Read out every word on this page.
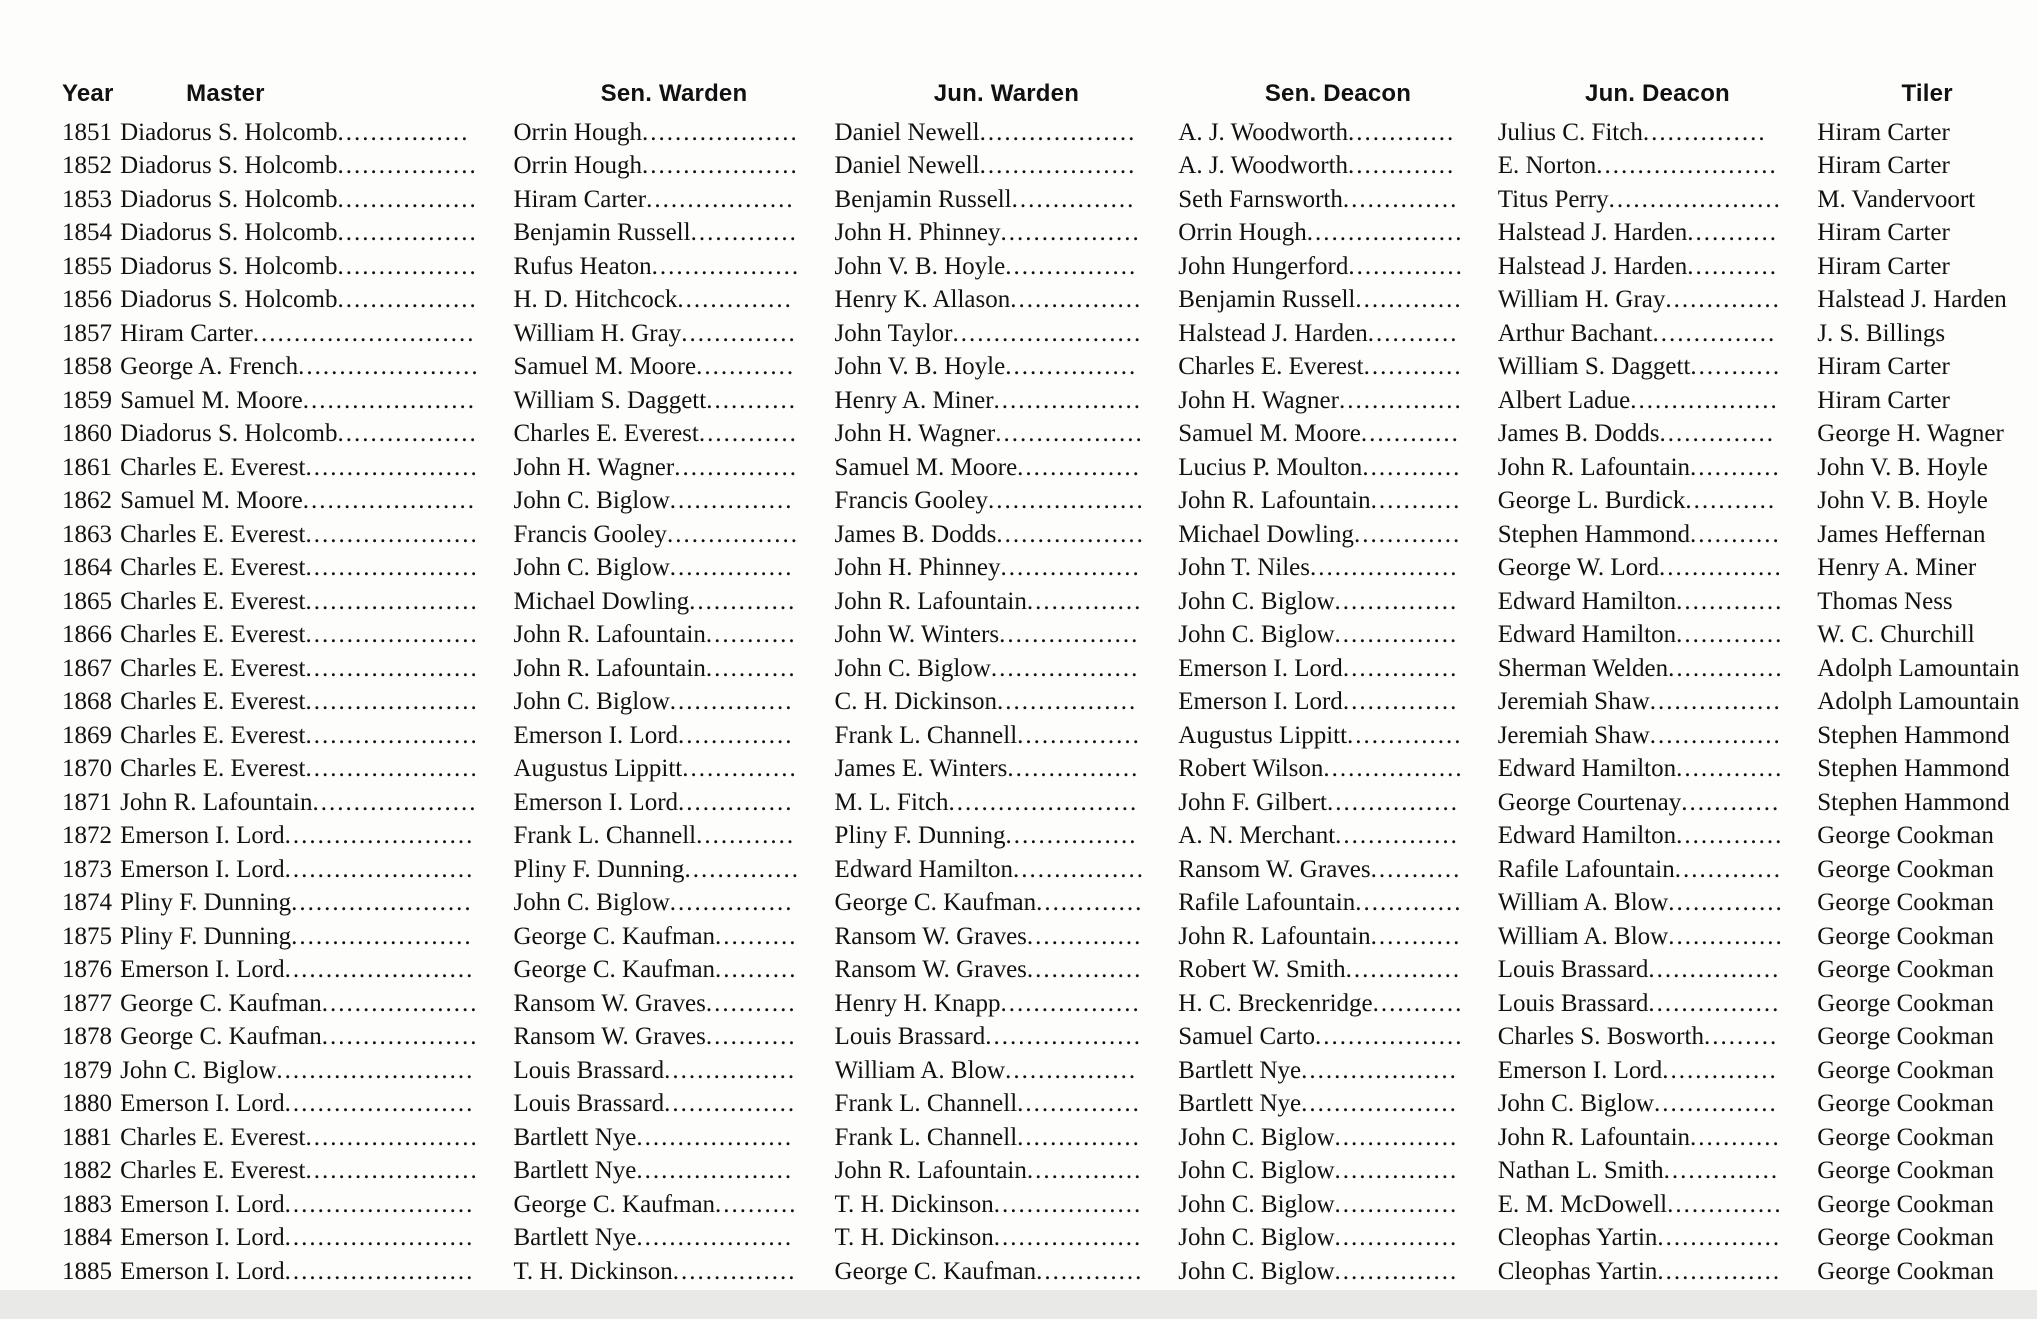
Year	Master	Sen. Warden	Jun. Warden	Sen. Deacon	Jun. Deacon	Tiler
1851	Diadorus S. Holcomb................	Orrin Hough...................	Daniel Newell...................	A. J. Woodworth.............	Julius C. Fitch...............	Hiram Carter
1852	Diadorus S. Holcomb.................	Orrin Hough...................	Daniel Newell...................	A. J. Woodworth.............	E. Norton......................	Hiram Carter
1853	Diadorus S. Holcomb.................	Hiram Carter..................	Benjamin Russell...............	Seth Farnsworth..............	Titus Perry.....................	M. Vandervoort
1854	Diadorus S. Holcomb.................	Benjamin Russell.............	John H. Phinney.................	Orrin Hough...................	Halstead J. Harden...........	Hiram Carter
1855	Diadorus S. Holcomb.................	Rufus Heaton..................	John V. B. Hoyle................	John Hungerford..............	Halstead J. Harden...........	Hiram Carter
1856	Diadorus S. Holcomb.................	H. D. Hitchcock..............	Henry K. Allason................	Benjamin Russell.............	William H. Gray..............	Halstead J. Harden
1857	Hiram Carter...........................	William H. Gray..............	John Taylor.......................	Halstead J. Harden...........	Arthur Bachant...............	J. S. Billings
1858	George A. French......................	Samuel M. Moore............	John V. B. Hoyle................	Charles E. Everest............	William S. Daggett...........	Hiram Carter
1859	Samuel M. Moore.....................	William S. Daggett...........	Henry A. Miner..................	John H. Wagner...............	Albert Ladue..................	Hiram Carter
1860	Diadorus S. Holcomb.................	Charles E. Everest............	John H. Wagner..................	Samuel M. Moore............	James B. Dodds..............	George H. Wagner
1861	Charles E. Everest.....................	John H. Wagner...............	Samuel M. Moore...............	Lucius P. Moulton............	John R. Lafountain...........	John V. B. Hoyle
1862	Samuel M. Moore.....................	John C. Biglow...............	Francis Gooley...................	John R. Lafountain...........	George L. Burdick...........	John V. B. Hoyle
1863	Charles E. Everest.....................	Francis Gooley................	James B. Dodds..................	Michael Dowling.............	Stephen Hammond...........	James Heffernan
1864	Charles E. Everest.....................	John C. Biglow...............	John H. Phinney.................	John T. Niles..................	George W. Lord...............	Henry A. Miner
1865	Charles E. Everest.....................	Michael Dowling.............	John R. Lafountain..............	John C. Biglow...............	Edward Hamilton.............	Thomas Ness
1866	Charles E. Everest.....................	John R. Lafountain...........	John W. Winters.................	John C. Biglow...............	Edward Hamilton.............	W. C. Churchill
1867	Charles E. Everest.....................	John R. Lafountain...........	John C. Biglow..................	Emerson I. Lord..............	Sherman Welden..............	Adolph Lamountain
1868	Charles E. Everest.....................	John C. Biglow...............	C. H. Dickinson.................	Emerson I. Lord..............	Jeremiah Shaw................	Adolph Lamountain
1869	Charles E. Everest.....................	Emerson I. Lord..............	Frank L. Channell...............	Augustus Lippitt..............	Jeremiah Shaw................	Stephen Hammond
1870	Charles E. Everest.....................	Augustus Lippitt..............	James E. Winters................	Robert Wilson.................	Edward Hamilton.............	Stephen Hammond
1871	John R. Lafountain....................	Emerson I. Lord..............	M. L. Fitch.......................	John F. Gilbert................	George Courtenay............	Stephen Hammond
1872	Emerson I. Lord.......................	Frank L. Channell............	Pliny F. Dunning................	A. N. Merchant...............	Edward Hamilton.............	George Cookman
1873	Emerson I. Lord.......................	Pliny F. Dunning..............	Edward Hamilton................	Ransom W. Graves...........	Rafile Lafountain.............	George Cookman
1874	Pliny F. Dunning......................	John C. Biglow...............	George C. Kaufman.............	Rafile Lafountain.............	William A. Blow..............	George Cookman
1875	Pliny F. Dunning......................	George C. Kaufman..........	Ransom W. Graves..............	John R. Lafountain...........	William A. Blow..............	George Cookman
1876	Emerson I. Lord.......................	George C. Kaufman..........	Ransom W. Graves..............	Robert W. Smith..............	Louis Brassard................	George Cookman
1877	George C. Kaufman...................	Ransom W. Graves...........	Henry H. Knapp.................	H. C. Breckenridge...........	Louis Brassard................	George Cookman
1878	George C. Kaufman...................	Ransom W. Graves...........	Louis Brassard...................	Samuel Carto..................	Charles S. Bosworth.........	George Cookman
1879	John C. Biglow........................	Louis Brassard................	William A. Blow................	Bartlett Nye...................	Emerson I. Lord..............	George Cookman
1880	Emerson I. Lord.......................	Louis Brassard................	Frank L. Channell...............	Bartlett Nye...................	John C. Biglow...............	George Cookman
1881	Charles E. Everest.....................	Bartlett Nye...................	Frank L. Channell...............	John C. Biglow...............	John R. Lafountain...........	George Cookman
1882	Charles E. Everest.....................	Bartlett Nye...................	John R. Lafountain..............	John C. Biglow...............	Nathan L. Smith..............	George Cookman
1883	Emerson I. Lord.......................	George C. Kaufman..........	T. H. Dickinson..................	John C. Biglow...............	E. M. McDowell..............	George Cookman
1884	Emerson I. Lord.......................	Bartlett Nye...................	T. H. Dickinson..................	John C. Biglow...............	Cleophas Yartin...............	George Cookman
1885	Emerson I. Lord.......................	T. H. Dickinson...............	George C. Kaufman.............	John C. Biglow...............	Cleophas Yartin...............	George Cookman
